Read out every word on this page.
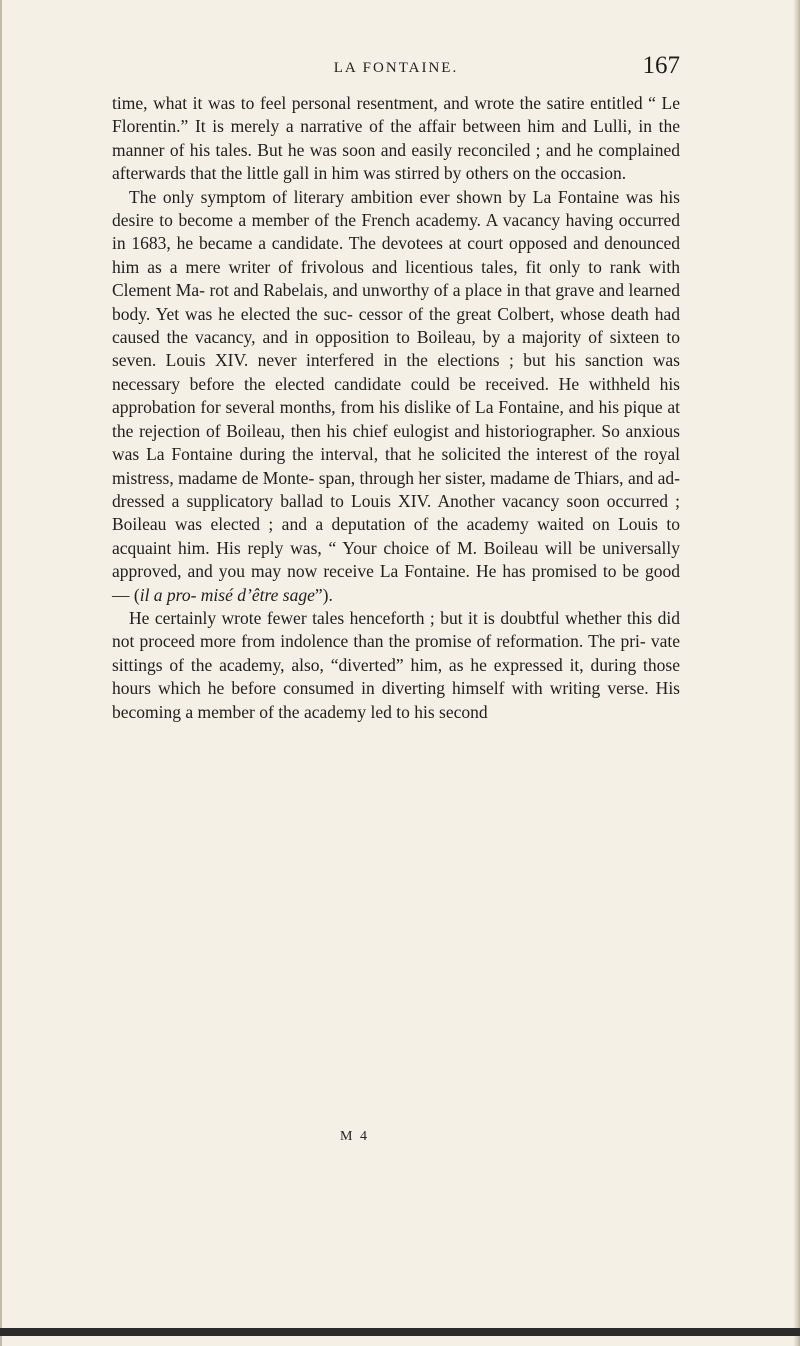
LA FONTAINE.	167

time, what it was to feel personal resentment, and wrote the satire entitled “ Le Florentin.” It is merely a narrative of the affair between him and Lulli, in the manner of his tales. But he was soon and easily reconciled ; and he complained afterwards that the little gall in him was stirred by others on the occasion.

The only symptom of literary ambition ever shown by La Fontaine was his desire to become a member of the French academy. A vacancy having occurred in 1683, he became a candidate. The devotees at court opposed and denounced him as a mere writer of frivolous and licentious tales, fit only to rank with Clement Ma- rot and Rabelais, and unworthy of a place in that grave and learned body. Yet was he elected the suc- cessor of the great Colbert, whose death had caused the vacancy, and in opposition to Boileau, by a majority of sixteen to seven. Louis XIV. never interfered in the elections ; but his sanction was necessary before the elected candidate could be received. He withheld his approbation for several months, from his dislike of La Fontaine, and his pique at the rejection of Boileau, then his chief eulogist and historiographer. So anxious was La Fontaine during the interval, that he solicited the interest of the royal mistress, madame de Monte- span, through her sister, madame de Thiars, and ad- dressed a supplicatory ballad to Louis XIV. Another vacancy soon occurred ; Boileau was elected ; and a deputation of the academy waited on Louis to acquaint him. His reply was, “ Your choice of M. Boileau will be universally approved, and you may now receive La Fontaine. He has promised to be good — (il a pro- misé d’être sage”).

He certainly wrote fewer tales henceforth ; but it is doubtful whether this did not proceed more from indolence than the promise of reformation. The pri- vate sittings of the academy, also, “diverted” him, as he expressed it, during those hours which he before consumed in diverting himself with writing verse. His becoming a member of the academy led to his second

M 4
